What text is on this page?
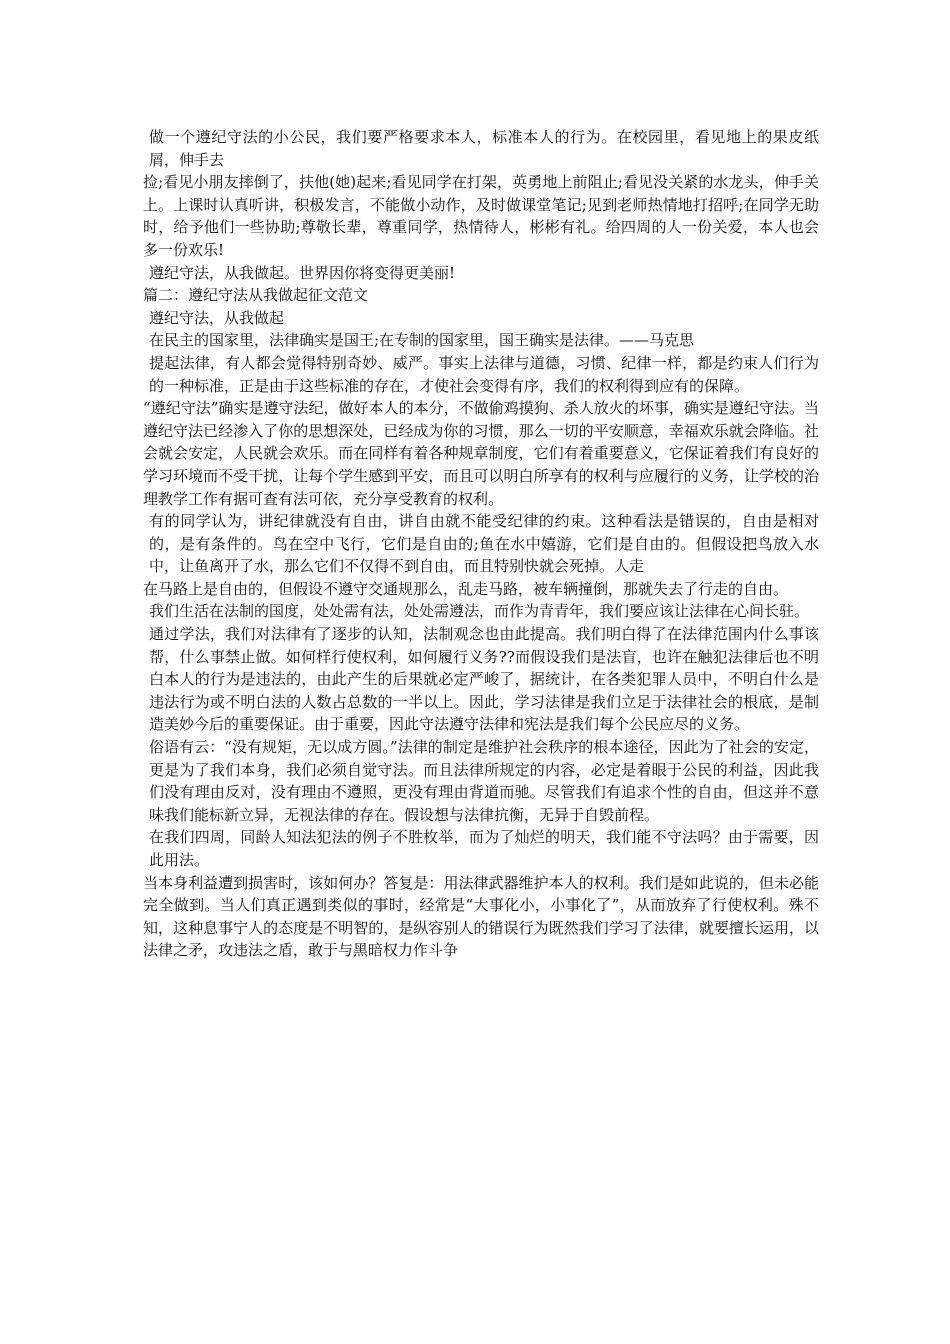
做一个遵纪守法的小公民，我们要严格要求本人，标准本人的行为。在校园里，看见地上的果皮纸屑，伸手去

捡;看见小朋友摔倒了，扶他(她)起来;看见同学在打架，英勇地上前阻止;看见没关紧的水龙头，伸手关上。上课时认真听讲，积极发言，不能做小动作，及时做课堂笔记;见到老师热情地打招呼;在同学无助时，给予他们一些协助;尊敬长辈，尊重同学，热情待人，彬彬有礼。给四周的人一份关爱，本人也会多一份欢乐!

遵纪守法，从我做起。世界因你将变得更美丽!

篇二：遵纪守法从我做起征文范文

遵纪守法，从我做起

在民主的国家里，法律确实是国王;在专制的国家里，国王确实是法律。——马克思

提起法律，有人都会觉得特别奇妙、威严。事实上法律与道德，习惯、纪律一样，都是约束人们行为的一种标准，正是由于这些标准的存在，才使社会变得有序，我们的权利得到应有的保障。

“遵纪守法”确实是遵守法纪，做好本人的本分，不做偷鸡摸狗、杀人放火的坏事，确实是遵纪守法。当遵纪守法已经渗入了你的思想深处，已经成为你的习惯，那么一切的平安顺意，幸福欢乐就会降临。社会就会安定，人民就会欢乐。而在同样有着各种规章制度，它们有着重要意义，它保证着我们有良好的学习环境而不受干扰，让每个学生感到平安，而且可以明白所享有的权利与应履行的义务，让学校的治理教学工作有据可查有法可依，充分享受教育的权利。

有的同学认为，讲纪律就没有自由，讲自由就不能受纪律的约束。这种看法是错误的，自由是相对的，是有条件的。鸟在空中飞行，它们是自由的;鱼在水中嬉游，它们是自由的。但假设把鸟放入水中，让鱼离开了水，那么它们不仅得不到自由，而且特别快就会死掉。人走

在马路上是自由的，但假设不遵守交通规那么，乱走马路，被车辆撞倒，那就失去了行走的自由。

我们生活在法制的国度，处处需有法，处处需遵法，而作为青青年，我们要应该让法律在心间长驻。

通过学法，我们对法律有了逐步的认知，法制观念也由此提高。我们明白得了在法律范围内什么事该帮，什么事禁止做。如何样行使权利，如何履行义务??而假设我们是法盲，也许在触犯法律后也不明白本人的行为是违法的，由此产生的后果就必定严峻了，据统计，在各类犯罪人员中，不明白什么是违法行为或不明白法的人数占总数的一半以上。因此，学习法律是我们立足于法律社会的根底，是制造美妙今后的重要保证。由于重要，因此守法遵守法律和宪法是我们每个公民应尽的义务。

俗语有云：“没有规矩，无以成方圆。”法律的制定是维护社会秩序的根本途径，因此为了社会的安定，更是为了我们本身，我们必须自觉守法。而且法律所规定的内容，必定是着眼于公民的利益，因此我们没有理由反对，没有理由不遵照，更没有理由背道而驰。尽管我们有追求个性的自由，但这并不意味我们能标新立异，无视法律的存在。假设想与法律抗衡，无异于自毁前程。

在我们四周，同龄人知法犯法的例子不胜枚举，而为了灿烂的明天，我们能不守法吗？由于需要，因此用法。

当本身利益遭到损害时，该如何办？答复是：用法律武器维护本人的权利。我们是如此说的，但未必能完全做到。当人们真正遇到类似的事时，经常是“大事化小，小事化了”，从而放弃了行使权利。殊不知，这种息事宁人的态度是不明智的，是纵容别人的错误行为既然我们学习了法律，就要擅长运用，以法律之矛，攻违法之盾，敢于与黑暗权力作斗争
